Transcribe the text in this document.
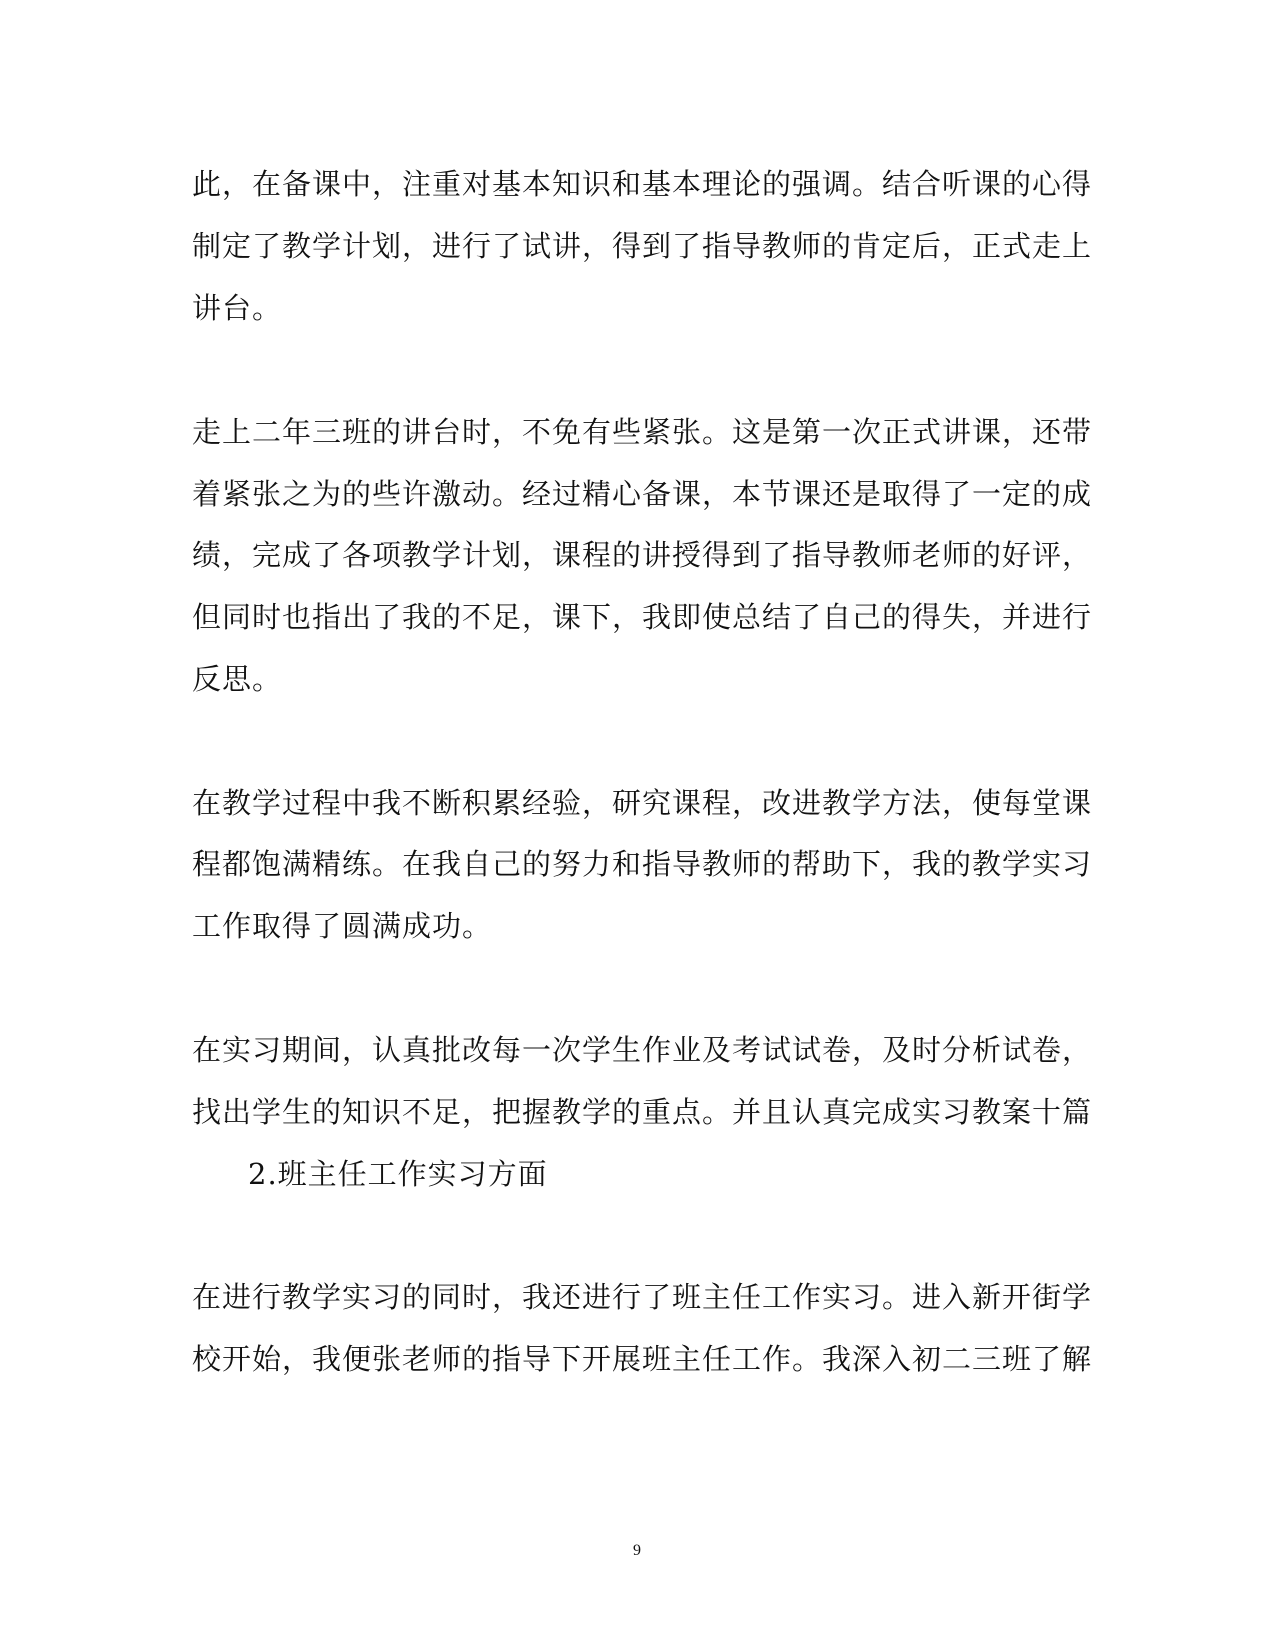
此，在备课中，注重对基本知识和基本理论的强调。结合听课的心得
制定了教学计划，进行了试讲，得到了指导教师的肯定后，正式走上
讲台。
走上二年三班的讲台时，不免有些紧张。这是第一次正式讲课，还带
着紧张之为的些许激动。经过精心备课，本节课还是取得了一定的成
绩，完成了各项教学计划，课程的讲授得到了指导教师老师的好评，
但同时也指出了我的不足，课下，我即使总结了自己的得失，并进行
反思。
在教学过程中我不断积累经验，研究课程，改进教学方法，使每堂课
程都饱满精练。在我自己的努力和指导教师的帮助下，我的教学实习
工作取得了圆满成功。
在实习期间，认真批改每一次学生作业及考试试卷，及时分析试卷，
找出学生的知识不足，把握教学的重点。并且认真完成实习教案十篇
2.班主任工作实习方面
在进行教学实习的同时，我还进行了班主任工作实习。进入新开街学
校开始，我便张老师的指导下开展班主任工作。我深入初二三班了解
9
